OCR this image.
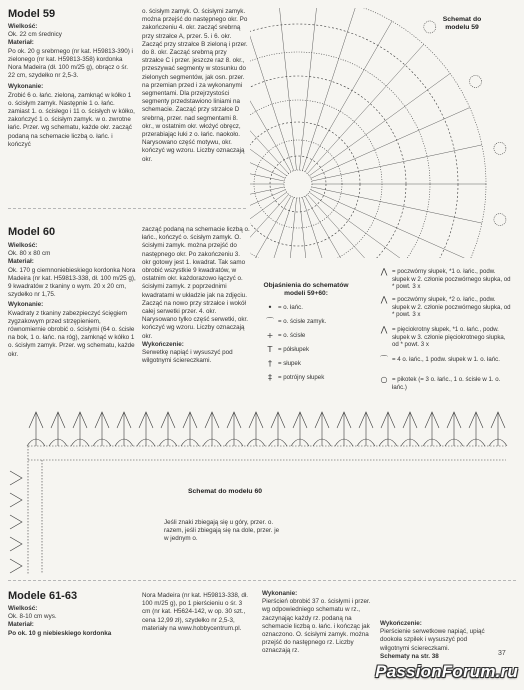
Model 59
Wielkość:
Ok. 22 cm średnicy
Materiał:
Po ok. 20 g srebrnego (nr kat. H59813-390) i zielonego (nr kat. H59813-358) kordonka Nora Madeira (dł. 100 m/25 g), obrącz o śr. 22 cm, szydełko nr 2,5-3.
Wykonanie:
Zrobić 6 o. łańc. zieloną, zamknąć w kółko 1 o. ścisłym zamyk. Następnie 1 o. łańc. zamiast 1. o. ścisłego i 11 o. ścisłych w kółko, zakończyć 1 o. ścisłym zamyk. w o. zwrotne łańc. Przer. wg schematu, każde okr. zacząć podaną na schemacie liczbą o. łańc. i kończyć
o. ścisłym zamyk. O. ścisłymi zamyk. można przejść do następnego okr. Po zakończeniu 4. okr. zacząć srebrną przy strzałce A, przer. 5. i 6. okr. Zacząć przy strzałce B zieloną i przer. do 8. okr. Zacząć srebrną przy strzałce C i przer. jeszcze raz 8. okr., przeszywać segmenty w stosunku do zielonych segmentów, jak osn. przer. na przemian przed i za wykonanymi segmentami. Dla przejrzystości segmenty przedstawiono liniami na schemacie. Zacząć przy strzałce D srebrną, przer. nad segmentami 8. okr., w ostatnim okr. włożyć obręcz, przerabiając łuki z o. łańc. naokoło. Narysowano część motywu, okr. kończyć wg wzoru. Liczby oznaczają okr.
Schemat do modelu 59
Model 60
Wielkość:
Ok. 80 x 80 cm
Materiał:
Ok. 170 g ciemnoniebieskiego kordonka Nora Madeira (nr kat. H59813-338, dł. 100 m/25 g), 9 kwadratów z tkaniny o wym. 20 x 20 cm, szydełko nr 1,75.
Wykonanie:
Kwadraty z tkaniny zabezpieczyć ścięgiem zygzakowym przed strzępieniem, równomiernie obrobić o. ścisłymi (64 o. ścisłe na bok, 1 o. łańc. na róg), zamknąć w kółko 1 o. ścisłym zamyk. Przer. wg schematu, każde okr.
zacząć podaną na schemacie liczbą o. łańc., kończyć o. ścisłym zamyk. O. ścisłymi zamyk. można przejść do następnego okr. Po zakończeniu 3. okr gotowy jest 1. kwadrat. Tak samo obrobić wszystkie 9 kwadratów, w ostatnim okr. każdorazowo łączyć o. ścisłymi zamyk. z poprzednimi kwadratami w układzie jak na zdjęciu. Zacząć na nowo przy strzałce i wokół całej serwetki przer. 4. okr. Narysowano tylko część serwetki, okr. kończyć wg wzoru. Liczby oznaczają okr.
Wykończenie:
Serwetkę napiąć i wysuszyć pod wilgotnymi ściereczkami.
Objaśnienia do schematów modeli 59+60:
• = o. łańc.
⌒ = o. ścisłe zamyk.
+ = o. ścisłe
T = półsłupek
† = słupek
‡ = potrójny słupek
⋀ = poczwórny słupek, *1 o. łańc., podw. słupek w 2. członie poczwórnego słupka, od * powt. 3 x
⋀ = poczwórny słupek, *2 o. łańc., podw. słupek w 2. członie poczwórnego słupka, od * powt. 3 x
⋀ = pięciokrotny słupek, *1 o. łańc., podw. słupek w 3. członie pięciokrotnego słupka, od * powt. 3 x
⌒ = 4 o. łańc., 1 podw. słupek w 1. o. łańc.
○ = pikotek (= 3 o. łańc., 1 o. ścisłe w 1. o. łańc.)
Schemat do modelu 60
Jeśli znaki zbiegają się u góry, przer. o. razem, jeśli zbiegają się na dole, przer. je w jednym o.
Modele 61-63
Wielkość:
Ok. 8-10 cm wys.
Materiał:
Po ok. 10 g niebieskiego kordonka
Nora Madeira (nr kat. H59813-338, dł. 100 m/25 g), po 1 pierścieniu o śr. 3 cm (nr kat. H5624-142, w op. 30 szt., cena 12,99 zł), szydełko nr 2,5-3, materiały na www.hobbycentrum.pl.
Wykonanie:
Pierścień obrobić 37 o. ścisłymi i przer. wg odpowiedniego schematu w rz., zaczynając każdy rz. podaną na schemacie liczbą o. łańc. i kończąc jak oznaczono. O. ścisłymi zamyk. można przejść do następnego rz. Liczby oznaczają rz.
Wykończenie:
Pierścienie serwetkowe napiąć, upiąć dookoła szpilek i wysuszyć pod wilgotnymi ściereczkami.
Schematy na str. 38	37
PassionForum.ru
